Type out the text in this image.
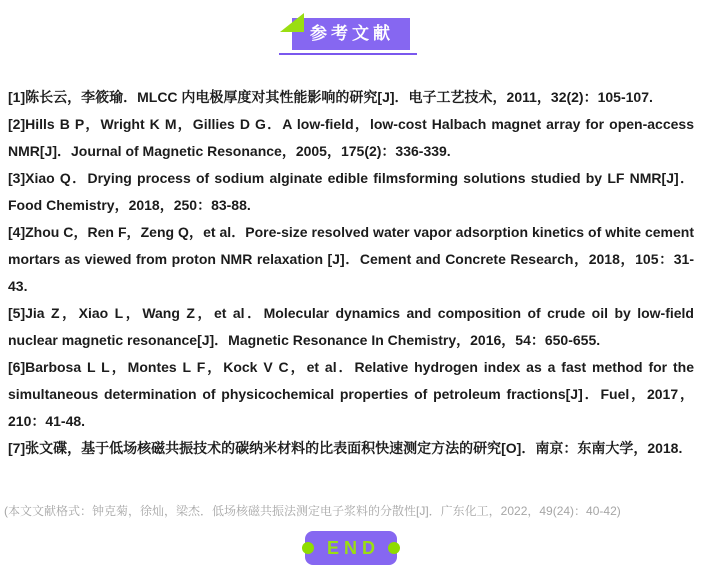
参考文献

[1]陈长云，李筱瑜．MLCC 内电极厚度对其性能影响的研究[J]．电子工艺技术，2011，32(2)：105-107.

[2]Hills B P，Wright K M，Gillies D G．A low-field，low-cost Halbach magnet array for open-access NMR[J]．Journal of Magnetic Resonance，2005，175(2)：336-339.

[3]Xiao Q．Drying process of sodium alginate edible filmsforming solutions studied by LF NMR[J]．Food Chemistry，2018，250：83-88.

[4]Zhou C，Ren F，Zeng Q，et al．Pore-size resolved water vapor adsorption kinetics of white cement mortars as viewed from proton NMR relaxation [J]．Cement and Concrete Research，2018，105：31-43.

[5]Jia Z，Xiao L，Wang Z，et al．Molecular dynamics and composition of crude oil by low-field nuclear magnetic resonance[J]．Magnetic Resonance In Chemistry，2016，54：650-655.

[6]Barbosa L L，Montes L F，Kock V C，et al．Relative hydrogen index as a fast method for the simultaneous determination of physicochemical properties of petroleum fractions[J]．Fuel，2017，210：41-48.

[7]张文碟，基于低场核磁共振技术的碳纳米材料的比表面积快速测定方法的研究[O]．南京：东南大学，2018.

(本文文献格式：钟克菊，徐灿，梁杰．低场核磁共振法测定电子浆料的分散性[J]．广东化工，2022，49(24)：40-42)
END
